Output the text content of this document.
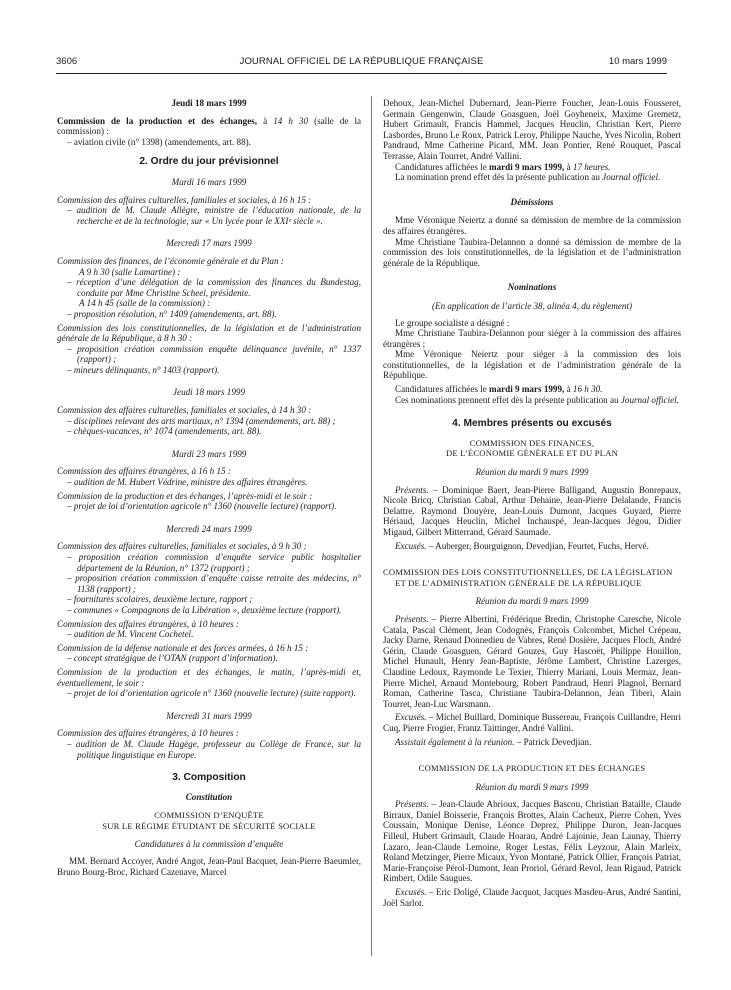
3606	JOURNAL OFFICIEL DE LA RÉPUBLIQUE FRANÇAISE	10 mars 1999
Jeudi 18 mars 1999

Commission de la production et des échanges, à 14 h 30 (salle de la commission) :

– aviation civile (n° 1398) (amendements, art. 88).

2. Ordre du jour prévisionnel
Mardi 16 mars 1999

Commission des affaires culturelles, familiales et sociales, à 16 h 15 :

– audition de M. Claude Allègre, ministre de l’éducation nationale, de la recherche et de la technologie, sur « Un lycée pour le XXIᵉ siècle ».

Mercredi 17 mars 1999

Commission des finances, de l’économie générale et du Plan :

A 9 h 30 (salle Lamartine) :

– réception d’une délégation de la commission des finances du Bundestag, conduite par Mme Christine Scheel, présidente.

A 14 h 45 (salle de la commission) :

– proposition résolution, n° 1409 (amendements, art. 88).

Commission des lois constitutionnelles, de la législation et de l’administration générale de la République, à 8 h 30 :

– proposition création commission enquête délinquance juvénile, n° 1337 (rapport) ;

– mineurs délinquants, n° 1403 (rapport).

Jeudi 18 mars 1999

Commission des affaires culturelles, familiales et sociales, à 14 h 30 :

– disciplines relevant des arts martiaux, n° 1394 (amendements, art. 88) ;

– chèques-vacances, n° 1074 (amendements, art. 88).

Mardi 23 mars 1999

Commission des affaires étrangères, à 16 h 15 :

– audition de M. Hubert Védrine, ministre des affaires étrangères.

Commission de la production et des échanges, l’après-midi et le soir :

– projet de loi d’orientation agricole n° 1360 (nouvelle lecture) (rapport).

Mercredi 24 mars 1999

Commission des affaires culturelles, familiales et sociales, à 9 h 30 :

– proposition création commission d’enquête service public hospitalier département de la Réunion, n° 1372 (rapport) ;

– proposition création commission d’enquête caisse retraite des médecins, n° 1138 (rapport) ;

– fournitures scolaires, deuxième lecture, rapport ;

– communes « Compagnons de la Libération », deuxième lecture (rapport).

Commission des affaires étrangères, à 10 heures :

– audition de M. Vincent Cochetel.

Commission de la défense nationale et des forces armées, à 16 h 15 :

– concept stratégique de l’OTAN (rapport d’information).

Commission de la production et des échanges, le matin, l’après-midi et, éventuellement, le soir :

– projet de loi d’orientation agricole n° 1360 (nouvelle lecture) (suite rapport).

Mercredi 31 mars 1999

Commission des affaires étrangères, à 10 heures :

– audition de M. Claude Hagège, professeur au Collège de France, sur la politique linguistique en Europe.

3. Composition
Constitution
COMMISSION D’ENQUÊTE
SUR LE RÉGIME ÉTUDIANT DE SÉCURITÉ SOCIALE
Candidatures à la commission d’enquête

MM. Bernard Accoyer, André Angot, Jean-Paul Bacquet, Jean-Pierre Baeumler, Bruno Bourg-Broc, Richard Cazenave, Marcel

Dehoux, Jean-Michel Dubernard, Jean-Pierre Foucher, Jean-Louis Fousseret, Germain Gengenwin, Claude Goasguen, Joël Goyheneix, Maxime Gremetz, Hubert Grimault, Francis Hammel, Jacques Heuclin, Christian Kert, Pierre Lasbordes, Bruno Le Roux, Patrick Leroy, Philippe Nauche, Yves Nicolin, Robert Pandraud, Mme Catherine Picard, MM. Jean Pontier, René Rouquet, Pascal Terrasse, Alain Tourret, André Vallini.

Candidatures affichées le mardi 9 mars 1999, à 17 heures.

La nomination prend effet dès la présente publication au Journal officiel.

Démissions

Mme Véronique Neiertz a donné sa démission de membre de la commission des affaires étrangères.

Mme Christiane Taubira-Delannon a donné sa démission de membre de la commission des lois constitutionnelles, de la législation et de l’administration générale de la République.

Nominations
(En application de l’article 38, alinéa 4, du règlement)

Le groupe socialiste a désigné :

Mme Christiane Taubira-Delannon pour siéger à la commission des affaires étrangères ;

Mme Véronique Neiertz pour siéger à la commission des lois constitutionnelles, de la législation et de l’administration générale de la République.

Candidatures affichées le mardi 9 mars 1999, à 16 h 30.

Ces nominations prennent effet dès la présente publication au Journal officiel.

4. Membres présents ou excusés
COMMISSION DES FINANCES,
DE L’ÉCONOMIE GÉNÉRALE ET DU PLAN
Réunion du mardi 9 mars 1999

Présents. – Dominique Baert, Jean-Pierre Balligand, Augustin Bonrepaux, Nicole Bricq, Christian Cabal, Arthur Dehaine, Jean-Pierre Delalande, Francis Delattre, Raymond Douyère, Jean-Louis Dumont, Jacques Guyard, Pierre Hériaud, Jacques Heuclin, Michel Inchauspé, Jean-Jacques Jégou, Didier Migaud, Gilbert Mitterrand, Gérard Saumade.

Excusés. – Auberger, Bourguignon, Devedjian, Feurtet, Fuchs, Hervé.

COMMISSION DES LOIS CONSTITUTIONNELLES, DE LA LÉGISLATION ET DE L’ADMINISTRATION GÉNÉRALE DE LA RÉPUBLIQUE
Réunion du mardi 9 mars 1999

Présents. – Pierre Albertini, Frédérique Bredin, Christophe Caresche, Nicole Catala, Pascal Clément, Jean Codognès, François Colcombet, Michel Crépeau, Jacky Darne, Renaud Donnedieu de Vabres, René Dosière, Jacques Floch, André Gérin, Claude Goasguen, Gérard Gouzes, Guy Hascoët, Philippe Houillon, Michel Hunault, Henry Jean-Baptiste, Jérôme Lambert, Christine Lazerges, Claudine Ledoux, Raymonde Le Texier, Thierry Mariani, Louis Mermaz, Jean-Pierre Michel, Arnaud Montebourg, Robert Pandraud, Henri Plagnol, Bernard Roman, Catherine Tasca, Christiane Taubira-Delannon, Jean Tiberi, Alain Tourret, Jean-Luc Warsmann.

Excusés. – Michel Buillard, Dominique Bussereau, François Cuillandre, Henri Cuq, Pierre Frogier, Frantz Taittinger, André Vallini.

Assistait également à la réunion. – Patrick Devedjian.

COMMISSION DE LA PRODUCTION ET DES ÉCHANGES
Réunion du mardi 9 mars 1999

Présents. – Jean-Claude Abrioux, Jacques Bascou, Christian Bataille, Claude Birraux, Daniel Boisserie, François Brottes, Alain Cacheux, Pierre Cohen, Yves Coussain, Monique Denise, Léonce Deprez, Philippe Duron, Jean-Jacques Filleul, Hubert Grimault, Claude Hoarau, André Lajoinie, Jean Launay, Thierry Lazaro, Jean-Claude Lemoine, Roger Lestas, Félix Leyzour, Alain Marleix, Roland Metzinger, Pierre Micaux, Yvon Montané, Patrick Ollier, François Patriat, Marie-Françoise Pérol-Dumont, Jean Proriol, Gérard Revol, Jean Rigaud, Patrick Rimbert, Odile Saugues.

Excusés. – Eric Doligé, Claude Jacquot, Jacques Masdeu-Arus, André Santini, Joël Sarlot.
